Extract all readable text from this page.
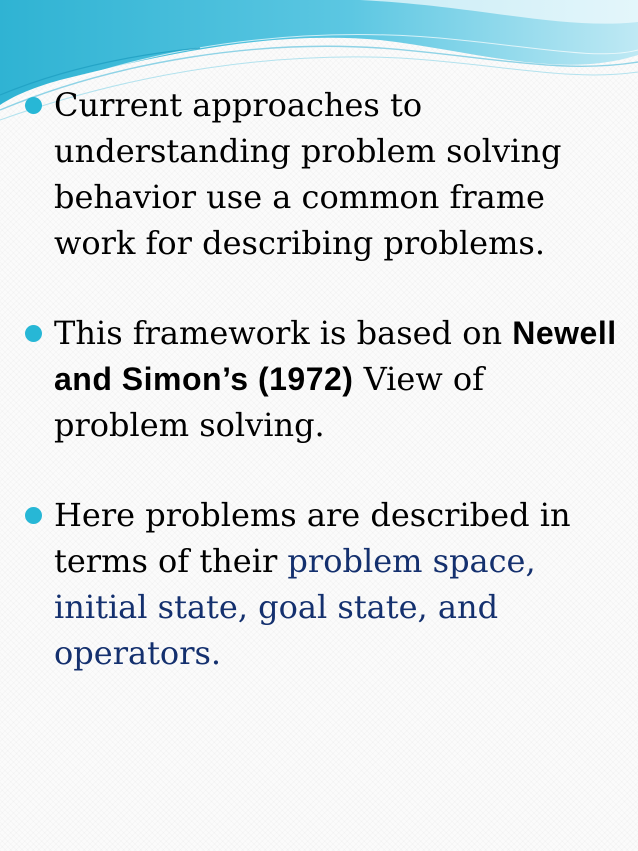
Current approaches to understanding problem solving behavior use a common frame work for describing problems.
This framework is based on Newell and Simon’s (1972) View of problem solving.
Here problems are described in terms of their problem space, initial state, goal state, and operators.
